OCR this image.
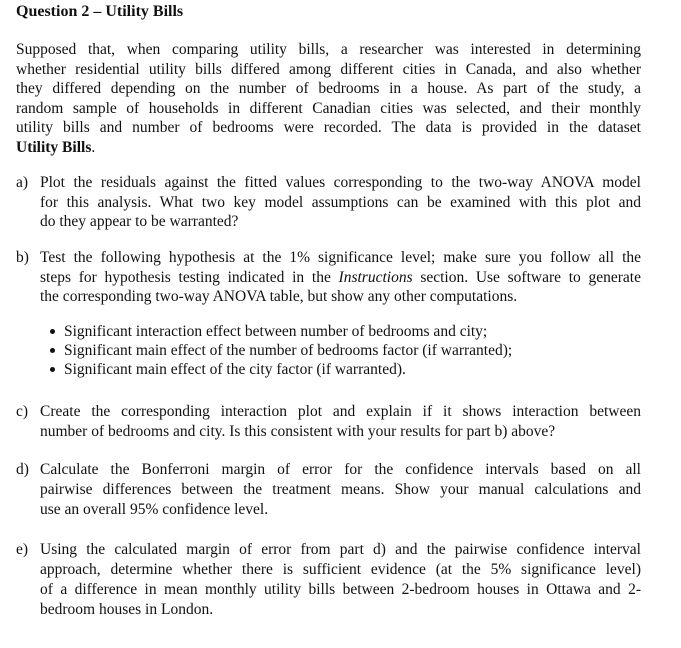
Question 2 – Utility Bills
Supposed that, when comparing utility bills, a researcher was interested in determining
whether residential utility bills differed among different cities in Canada, and also whether
they differed depending on the number of bedrooms in a house. As part of the study, a
random sample of households in different Canadian cities was selected, and their monthly
utility bills and number of bedrooms were recorded. The data is provided in the dataset
Utility Bills.
a) Plot the residuals against the fitted values corresponding to the two-way ANOVA model
for this analysis. What two key model assumptions can be examined with this plot and
do they appear to be warranted?
b) Test the following hypothesis at the 1% significance level; make sure you follow all the
steps for hypothesis testing indicated in the Instructions section. Use software to generate
the corresponding two-way ANOVA table, but show any other computations.
Significant interaction effect between number of bedrooms and city;
Significant main effect of the number of bedrooms factor (if warranted);
Significant main effect of the city factor (if warranted).
c) Create the corresponding interaction plot and explain if it shows interaction between
number of bedrooms and city. Is this consistent with your results for part b) above?
d) Calculate the Bonferroni margin of error for the confidence intervals based on all
pairwise differences between the treatment means. Show your manual calculations and
use an overall 95% confidence level.
e) Using the calculated margin of error from part d) and the pairwise confidence interval
approach, determine whether there is sufficient evidence (at the 5% significance level)
of a difference in mean monthly utility bills between 2-bedroom houses in Ottawa and 2-
bedroom houses in London.
